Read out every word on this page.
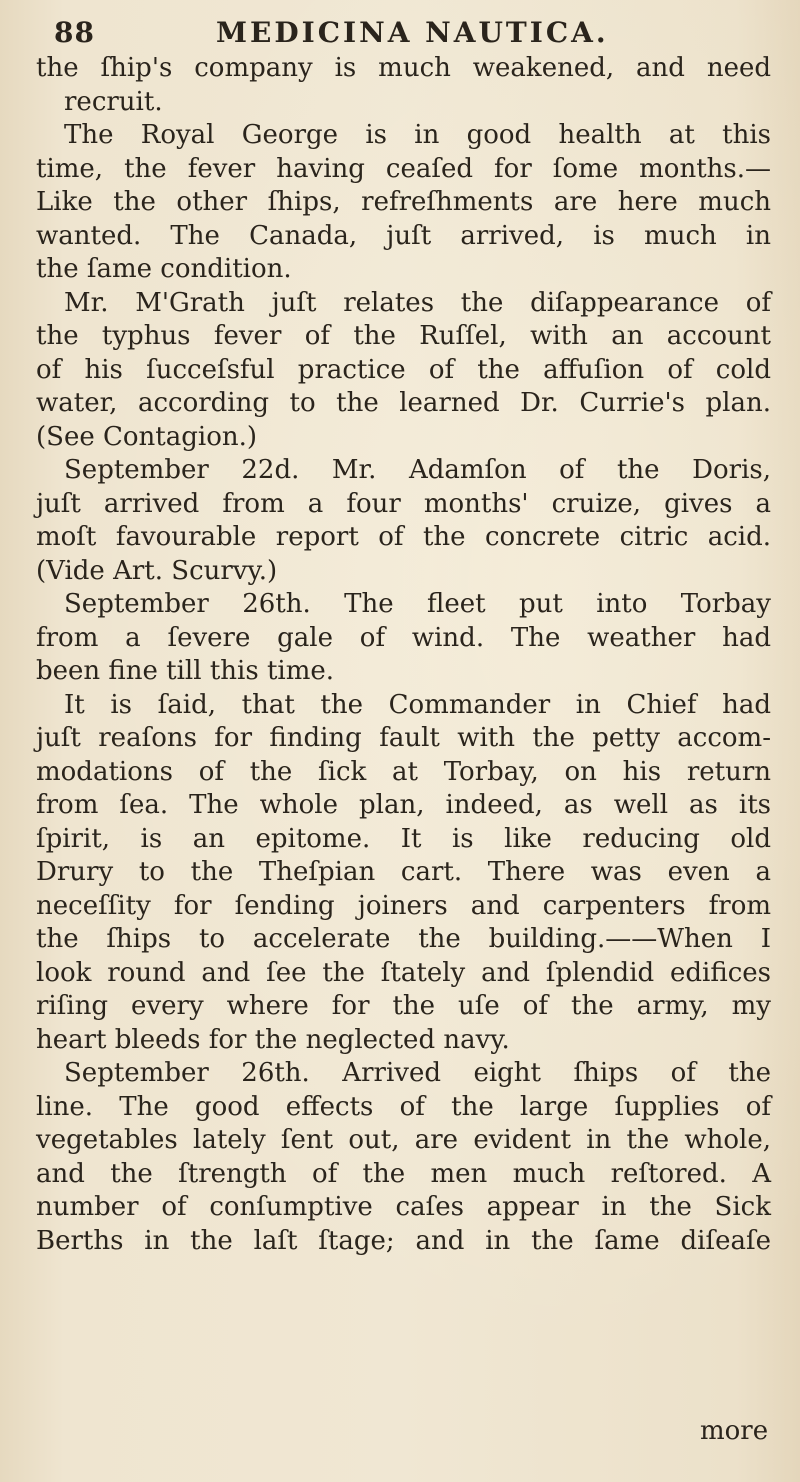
88	MEDICINA NAUTICA.
the ſhip's company is much weakened, and need
recruit.
The Royal George is in good health at this
time, the fever having ceaſed for ſome months.—
Like the other ſhips, refreſhments are here much
wanted. The Canada, juſt arrived, is much in
the ſame condition.
Mr. M'Grath juſt relates the diſappearance of
the typhus fever of the Ruſſel, with an account
of his ſucceſsful practice of the affuſion of cold
water, according to the learned Dr. Currie's plan.
(See Contagion.)
September 22d. Mr. Adamſon of the Doris,
juſt arrived from a four months' cruize, gives a
moſt favourable report of the concrete citric acid.
(Vide Art. Scurvy.)
September 26th. The fleet put into Torbay
from a ſevere gale of wind. The weather had
been fine till this time.
It is ſaid, that the Commander in Chief had
juſt reaſons for finding fault with the petty accom-
modations of the ſick at Torbay, on his return
from ſea. The whole plan, indeed, as well as its
ſpirit, is an epitome. It is like reducing old
Drury to the Theſpian cart. There was even a
neceſſity for ſending joiners and carpenters from
the ſhips to accelerate the building.——When I
look round and ſee the ſtately and ſplendid edifices
riſing every where for the uſe of the army, my
heart bleeds for the neglected navy.
September 26th. Arrived eight ſhips of the
line. The good effects of the large ſupplies of
vegetables lately ſent out, are evident in the whole,
and the ſtrength of the men much reſtored. A
number of conſumptive caſes appear in the Sick
Berths in the laſt ſtage; and in the ſame diſeaſe
more
